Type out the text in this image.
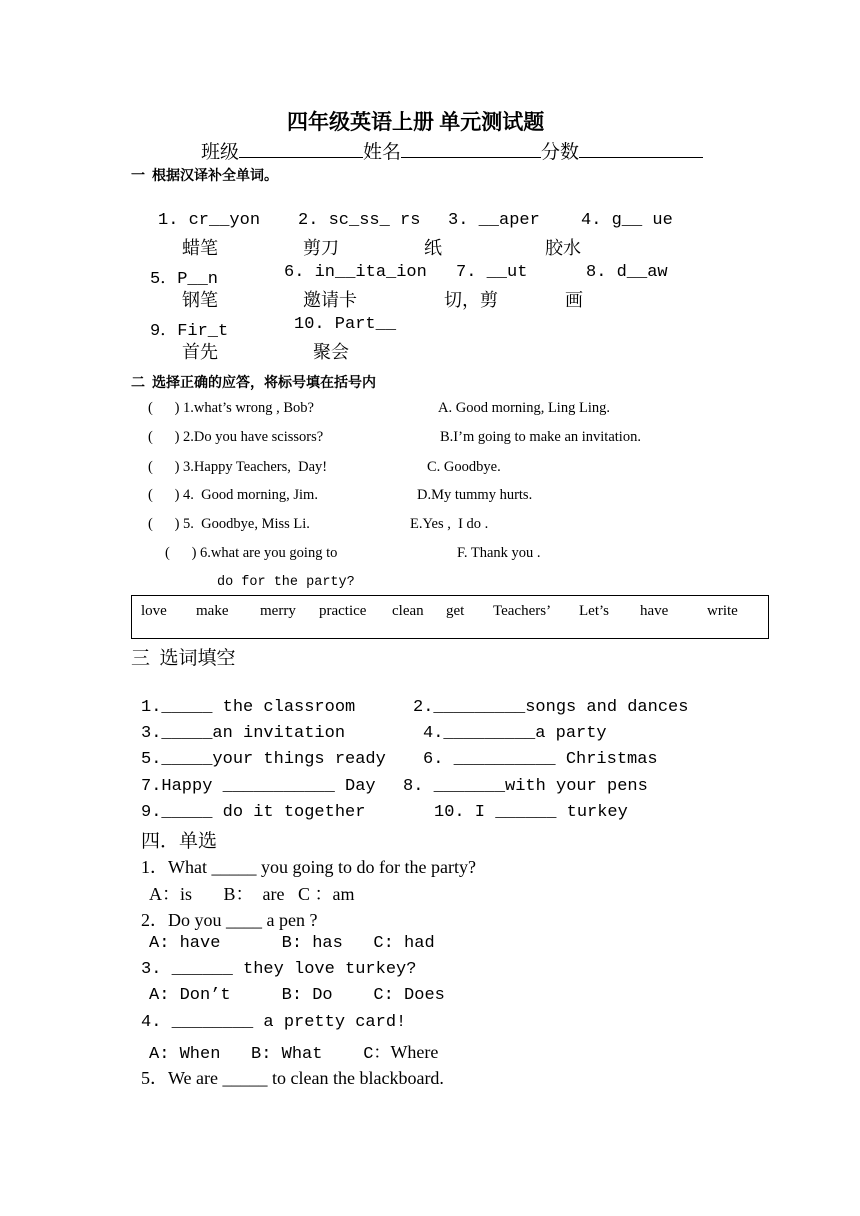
四年级英语上册 单元测试题
班级	姓名	分数
一  根据汉译补全单词。
1. cr__yon 2. sc_ss_ rs 3. __aper 4. g__ ue
蜡笔	剪刀	纸	胶水
5．P__n	6. in__ita_ion 7. __ut	8. d__aw
钢笔	邀请卡	切，剪	画
9．Fir_t	10. Part__
首先	聚会
二  选择正确的应答，将标号填在括号内
(      ) 1.what’s wrong , Bob?
(      ) 2.Do you have scissors?
(      ) 3.Happy Teachers,  Day!
(      ) 4.  Good morning, Jim.
(      ) 5.  Goodbye, Miss Li.
(      ) 6.what are you going to
do for the party?
A. Good morning, Ling Ling.
B.I’m going to make an invitation.
C. Goodbye.
D.My tummy hurts.
E.Yes ,  I do .
F. Thank you .
love make merry practice clean get Teachers’ Let’s have	write
三  选词填空
1._____ the classroom	2._________songs and dances
3._____an invitation	4._________a party
5._____your things ready 6. __________ Christmas
7.Happy ___________ Day 8. _______with your pens
9._____ do it together	10. I ______ turkey
四．单选
1．What _____ you going to do for the party?
A：is       B：  are   C ：am
2．Do you ____ a pen ?
A: have      B: has   C: had
3. ______ they love turkey?
A: Don’t     B: Do    C: Does
4. ________ a pretty card!
A: When   B: What    C：Where
5．We are _____ to clean the blackboard.
